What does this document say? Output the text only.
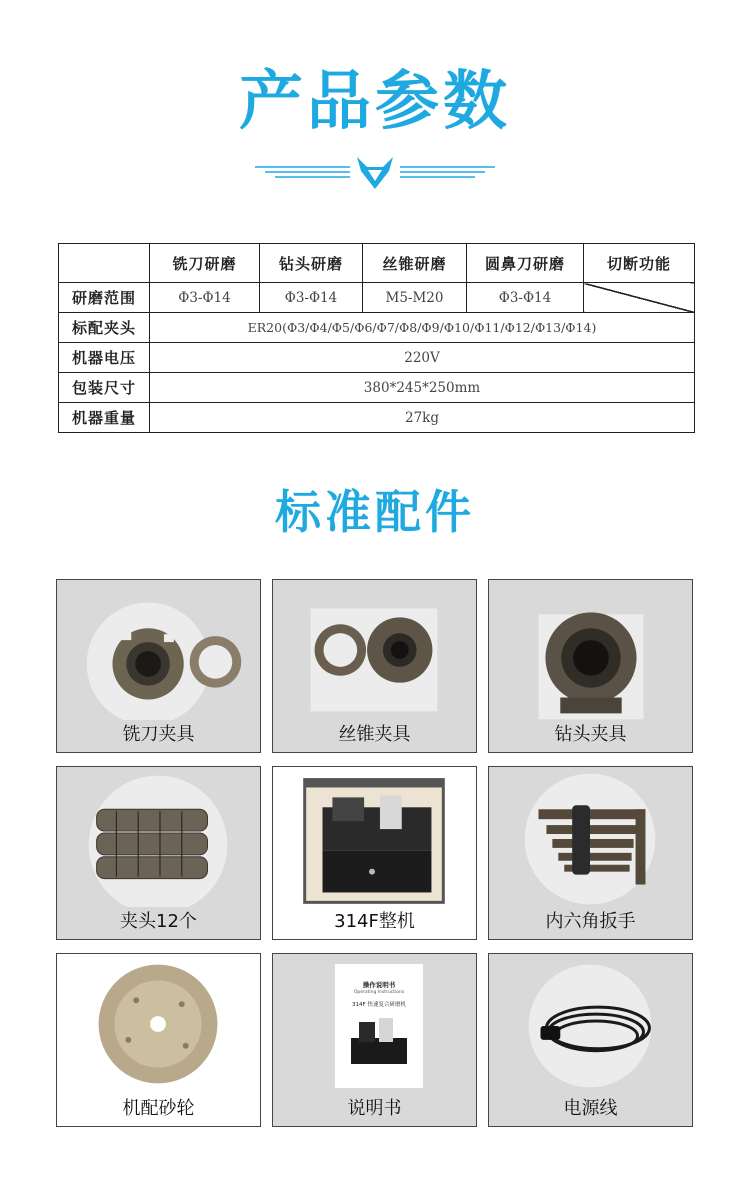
产品参数
	铣刀研磨	钻头研磨	丝锥研磨	圆鼻刀研磨	切断功能
研磨范围	Φ3-Φ14	Φ3-Φ14	M5-M20	Φ3-Φ14	
标配夹头	ER20(Φ3/Φ4/Φ5/Φ6/Φ7/Φ8/Φ9/Φ10/Φ11/Φ12/Φ13/Φ14)				
机器电压	220V				
包装尺寸	380*245*250mm				
机器重量	27kg				
标准配件
铣刀夹具	丝锥夹具	钻头夹具
夹头12个	314F整机	内六角扳手
机配砂轮
操作说明书
Operating Instructions
314F 快速复合研磨机
说明书	电源线
